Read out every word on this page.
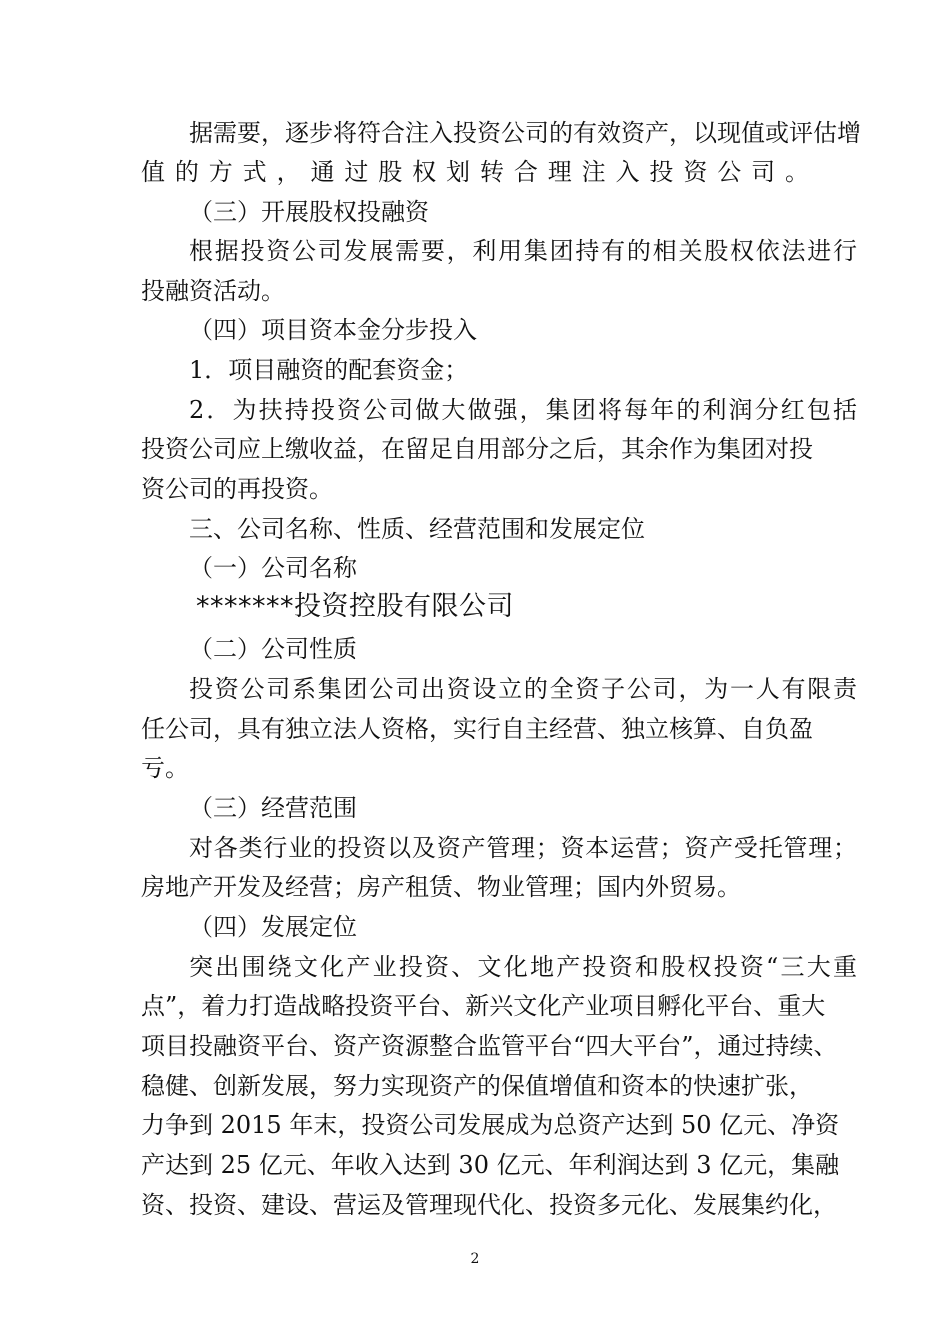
据需要，逐步将符合注入投资公司的有效资产，以现值或评估增
值的方式，通过股权划转合理注入投资公司。
（三）开展股权投融资
根据投资公司发展需要，利用集团持有的相关股权依法进行
投融资活动。
（四）项目资本金分步投入
1．项目融资的配套资金；
2．为扶持投资公司做大做强，集团将每年的利润分红包括
投资公司应上缴收益，在留足自用部分之后，其余作为集团对投
资公司的再投资。
三、公司名称、性质、经营范围和发展定位
（一）公司名称
*******投资控股有限公司
（二）公司性质
投资公司系集团公司出资设立的全资子公司，为一人有限责
任公司，具有独立法人资格，实行自主经营、独立核算、自负盈
亏。
（三）经营范围
对各类行业的投资以及资产管理；资本运营；资产受托管理；
房地产开发及经营；房产租赁、物业管理；国内外贸易。
（四）发展定位
突出围绕文化产业投资、文化地产投资和股权投资“三大重
点”，着力打造战略投资平台、新兴文化产业项目孵化平台、重大
项目投融资平台、资产资源整合监管平台“四大平台”，通过持续、
稳健、创新发展，努力实现资产的保值增值和资本的快速扩张，
力争到 2015 年末，投资公司发展成为总资产达到 50 亿元、净资
产达到 25 亿元、年收入达到 30 亿元、年利润达到 3 亿元，集融
资、投资、建设、营运及管理现代化、投资多元化、发展集约化，
2
